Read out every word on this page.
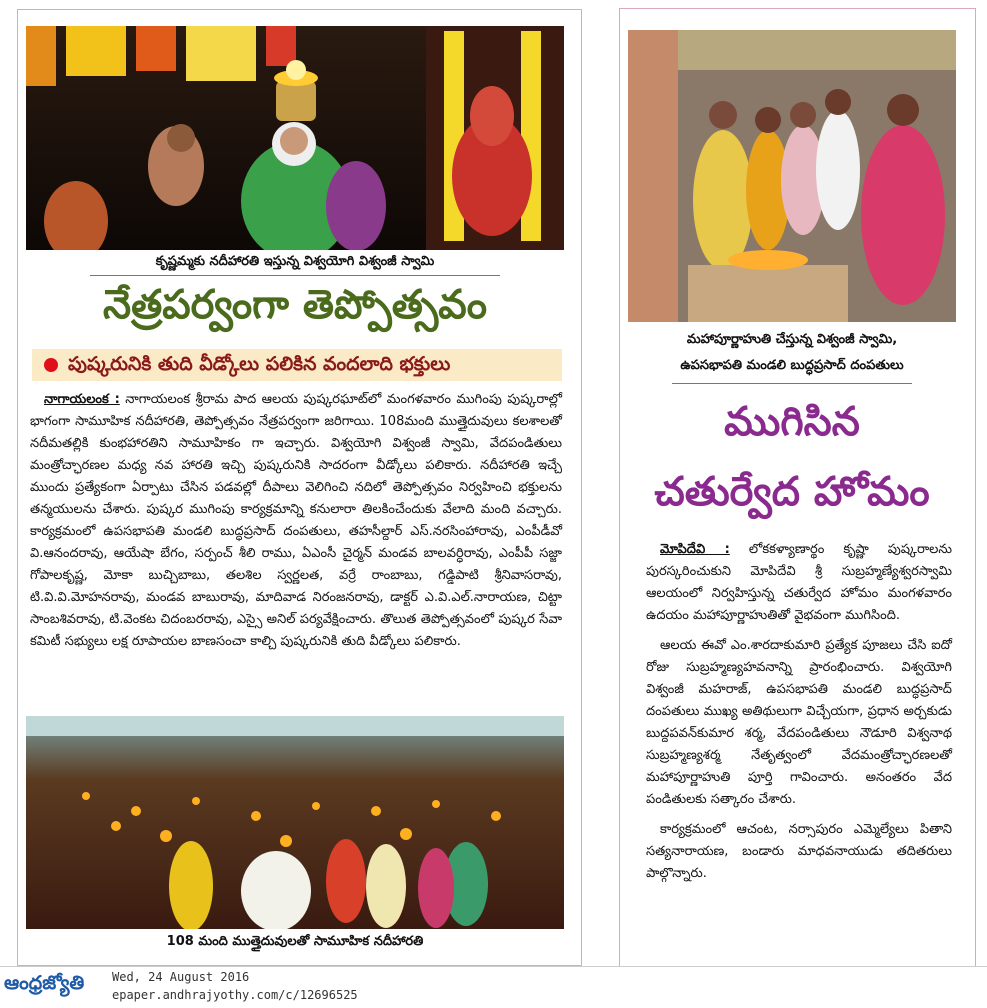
కృష్ణమ్మకు నదీహారతి ఇస్తున్న విశ్వయోగి విశ్వంజీ స్వామి
నేత్రపర్వంగా తెప్పోత్సవం
పుష్కరునికి తుది వీడ్కోలు పలికిన వందలాది భక్తులు

నాగాయలంక : నాగాయలంక శ్రీరామ పాద ఆలయ పుష్కరఘాట్‌లో మంగళవారం ముగింపు పుష్కరాల్లో భాగంగా సామూహిక నదీహారతి, తెప్పోత్సవం నేత్రపర్వంగా జరిగాయి. 108మంది ముత్తైదువులు కలశాలతో నదీమతల్లికి కుంభహారతిని సామూహికం గా ఇచ్చారు. విశ్వయోగి విశ్వంజీ స్వామి, వేదపండితులు మంత్రోచ్ఛారణల మధ్య నవ హారతి ఇచ్చి పుష్కరునికి సాదరంగా వీడ్కోలు పలికారు. నదీహారతి ఇచ్చే ముందు ప్రత్యేకంగా ఏర్పాటు చేసిన పడవల్లో దీపాలు వెలిగించి నదిలో తెప్పోత్సవం నిర్వహించి భక్తులను తన్మయులను చేశారు. పుష్కర ముగింపు కార్యక్రమాన్ని కనులారా తిలకించేందుకు వేలాది మంది వచ్చారు. కార్యక్రమంలో ఉపసభాపతి మండలి బుద్ధప్రసాద్ దంపతులు, తహసీల్దార్ ఎస్.నరసింహారావు, ఎంపీడీవో వి.ఆనందరావు, ఆయేషా బేగం, సర్పంచ్ శీలి రాము, ఏఎంసీ చైర్మన్ మండవ బాలవర్ధిరావు, ఎంపీపీ సజ్జా గోపాలకృష్ణ, మోకా బుచ్చిబాబు, తలశిల స్వర్ణలత, వర్రే రాంబాబు, గడ్డిపాటి శ్రీనివాసరావు, టి.వి.వి.మోహనరావు, మండవ బాబురావు, మాదివాడ నిరంజనరావు, డాక్టర్ ఎ.వి.ఎల్.నారాయణ, చిట్టా సాంబశివరావు, టి.వెంకట చిదంబరరావు, ఎస్సై అనిల్ పర్యవేక్షించారు. తొలుత తెప్పోత్సవంలో పుష్కర సేవా కమిటీ సభ్యులు లక్ష రూపాయల బాణసంచా కాల్చి పుష్కరునికి తుది వీడ్కోలు పలికారు.

108 మంది ముత్తైదువులతో సామూహిక నదీహారతి
మహాపూర్ణాహుతి చేస్తున్న విశ్వంజీ స్వామి,
ఉపసభాపతి మండలి బుద్ధప్రసాద్ దంపతులు
ముగిసిన
చతుర్వేద హోమం

మోపిదేవి : లోకకళ్యాణార్థం కృష్ణా పుష్కరాలను పురస్కరించుకుని మోపిదేవి శ్రీ సుబ్రహ్మణ్యేశ్వరస్వామి ఆలయంలో నిర్వహిస్తున్న చతుర్వేద హోమం మంగళవారం ఉదయం మహాపూర్ణాహుతితో వైభవంగా ముగిసింది.

ఆలయ ఈవో ఎం.శారదాకుమారి ప్రత్యేక పూజలు చేసి ఐదో రోజు సుబ్రహ్మణ్యహవనాన్ని ప్రారంభించారు. విశ్వయోగి విశ్వంజీ మహరాజ్, ఉపసభాపతి మండలి బుద్ధప్రసాద్ దంపతులు ముఖ్య అతిథులుగా విచ్చేయగా, ప్రధాన అర్చకుడు బుద్దపవన్‌కుమార శర్మ, వేదపండితులు నౌడూరి విశ్వనాథ సుబ్రహ్మణ్యశర్మ నేతృత్వంలో వేదమంత్రోచ్ఛారణలతో మహాపూర్ణాహుతి పూర్తి గావించారు. అనంతరం వేద పండితులకు సత్కారం చేశారు.

కార్యక్రమంలో ఆచంట, నర్సాపురం ఎమ్మెల్యేలు పితాని సత్యనారాయణ, బండారు మాధవనాయుడు తదితరులు పాల్గొన్నారు.

ఆంధ్రజ్యోతి Wed, 24 August 2016
epaper.andhrajyothy.com/c/12696525
